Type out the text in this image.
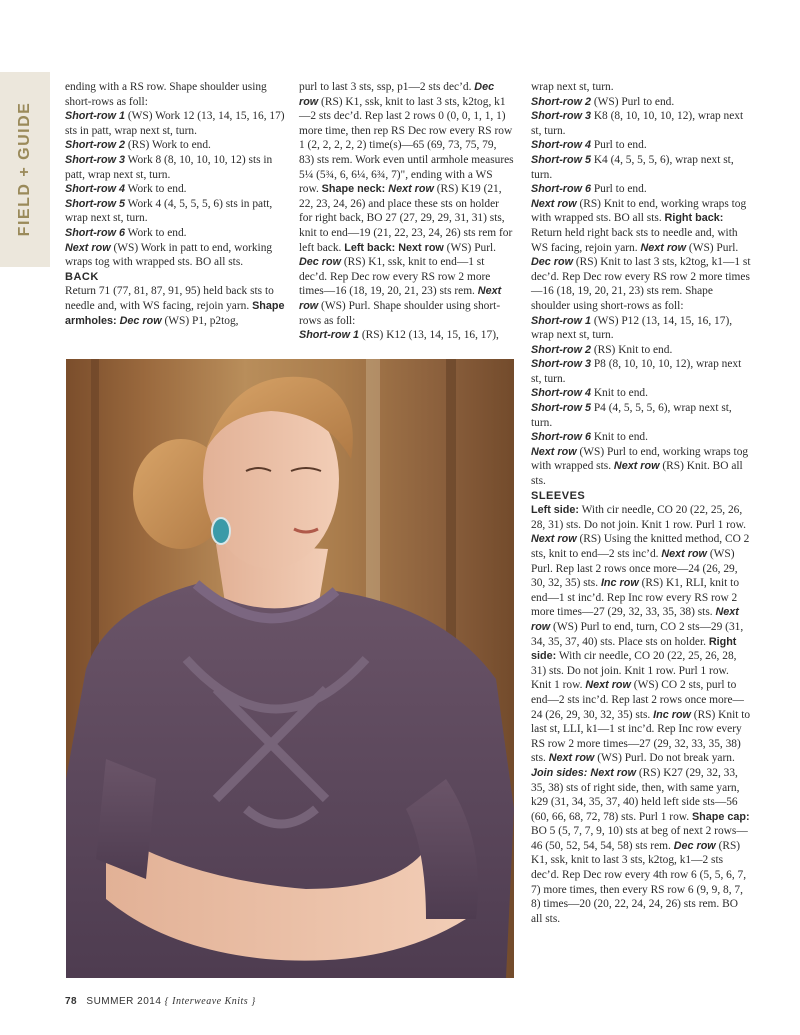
FIELD + GUIDE

ending with a RS row. Shape shoulder using short-rows as foll:

Short-row 1 (WS) Work 12 (13, 14, 15, 16, 17) sts in patt, wrap next st, turn.

Short-row 2 (RS) Work to end.

Short-row 3 Work 8 (8, 10, 10, 10, 12) sts in patt, wrap next st, turn.

Short-row 4 Work to end.

Short-row 5 Work 4 (4, 5, 5, 5, 6) sts in patt, wrap next st, turn.

Short-row 6 Work to end.

Next row (WS) Work in patt to end, working wraps tog with wrapped sts. BO all sts.

BACK

Return 71 (77, 81, 87, 91, 95) held back sts to needle and, with WS facing, rejoin yarn. Shape armholes: Dec row (WS) P1, p2tog,

purl to last 3 sts, ssp, p1—2 sts dec’d. Dec row (RS) K1, ssk, knit to last 3 sts, k2tog, k1—2 sts dec’d. Rep last 2 rows 0 (0, 0, 1, 1, 1) more time, then rep RS Dec row every RS row 1 (2, 2, 2, 2, 2) time(s)—65 (69, 73, 75, 79, 83) sts rem. Work even until armhole measures 5¼ (5¾, 6, 6¼, 6¾, 7)", ending with a WS row. Shape neck: Next row (RS) K19 (21, 22, 23, 24, 26) and place these sts on holder for right back, BO 27 (27, 29, 29, 31, 31) sts, knit to end—19 (21, 22, 23, 24, 26) sts rem for left back. Left back: Next row (WS) Purl. Dec row (RS) K1, ssk, knit to end—1 st dec’d. Rep Dec row every RS row 2 more times—16 (18, 19, 20, 21, 23) sts rem. Next row (WS) Purl. Shape shoulder using short-rows as foll:

Short-row 1 (RS) K12 (13, 14, 15, 16, 17),

wrap next st, turn.

Short-row 2 (WS) Purl to end.

Short-row 3 K8 (8, 10, 10, 10, 12), wrap next st, turn.

Short-row 4 Purl to end.

Short-row 5 K4 (4, 5, 5, 5, 6), wrap next st, turn.

Short-row 6 Purl to end.

Next row (RS) Knit to end, working wraps tog with wrapped sts. BO all sts. Right back: Return held right back sts to needle and, with WS facing, rejoin yarn. Next row (WS) Purl. Dec row (RS) Knit to last 3 sts, k2tog, k1—1 st dec’d. Rep Dec row every RS row 2 more times—16 (18, 19, 20, 21, 23) sts rem. Shape shoulder using short-rows as foll:

Short-row 1 (WS) P12 (13, 14, 15, 16, 17), wrap next st, turn.

Short-row 2 (RS) Knit to end.

Short-row 3 P8 (8, 10, 10, 10, 12), wrap next st, turn.

Short-row 4 Knit to end.

Short-row 5 P4 (4, 5, 5, 5, 6), wrap next st, turn.

Short-row 6 Knit to end.

Next row (WS) Purl to end, working wraps tog with wrapped sts. Next row (RS) Knit. BO all sts.

SLEEVES

Left side: With cir needle, CO 20 (22, 25, 26, 28, 31) sts. Do not join. Knit 1 row. Purl 1 row. Next row (RS) Using the knitted method, CO 2 sts, knit to end—2 sts inc’d. Next row (WS) Purl. Rep last 2 rows once more—24 (26, 29, 30, 32, 35) sts. Inc row (RS) K1, RLI, knit to end—1 st inc’d. Rep Inc row every RS row 2 more times—27 (29, 32, 33, 35, 38) sts. Next row (WS) Purl to end, turn, CO 2 sts—29 (31, 34, 35, 37, 40) sts. Place sts on holder. Right side: With cir needle, CO 20 (22, 25, 26, 28, 31) sts. Do not join. Knit 1 row. Purl 1 row. Knit 1 row. Next row (WS) CO 2 sts, purl to end—2 sts inc’d. Rep last 2 rows once more—24 (26, 29, 30, 32, 35) sts. Inc row (RS) Knit to last st, LLI, k1—1 st inc’d. Rep Inc row every RS row 2 more times—27 (29, 32, 33, 35, 38) sts. Next row (WS) Purl. Do not break yarn. Join sides: Next row (RS) K27 (29, 32, 33, 35, 38) sts of right side, then, with same yarn, k29 (31, 34, 35, 37, 40) held left side sts—56 (60, 66, 68, 72, 78) sts. Purl 1 row. Shape cap: BO 5 (5, 7, 7, 9, 10) sts at beg of next 2 rows—46 (50, 52, 54, 54, 58) sts rem. Dec row (RS) K1, ssk, knit to last 3 sts, k2tog, k1—2 sts dec’d. Rep Dec row every 4th row 6 (5, 5, 6, 7, 7) more times, then every RS row 6 (9, 9, 8, 7, 8) times—20 (20, 22, 24, 24, 26) sts rem. BO all sts.

78 SUMMER 2014 { Interweave Knits }
